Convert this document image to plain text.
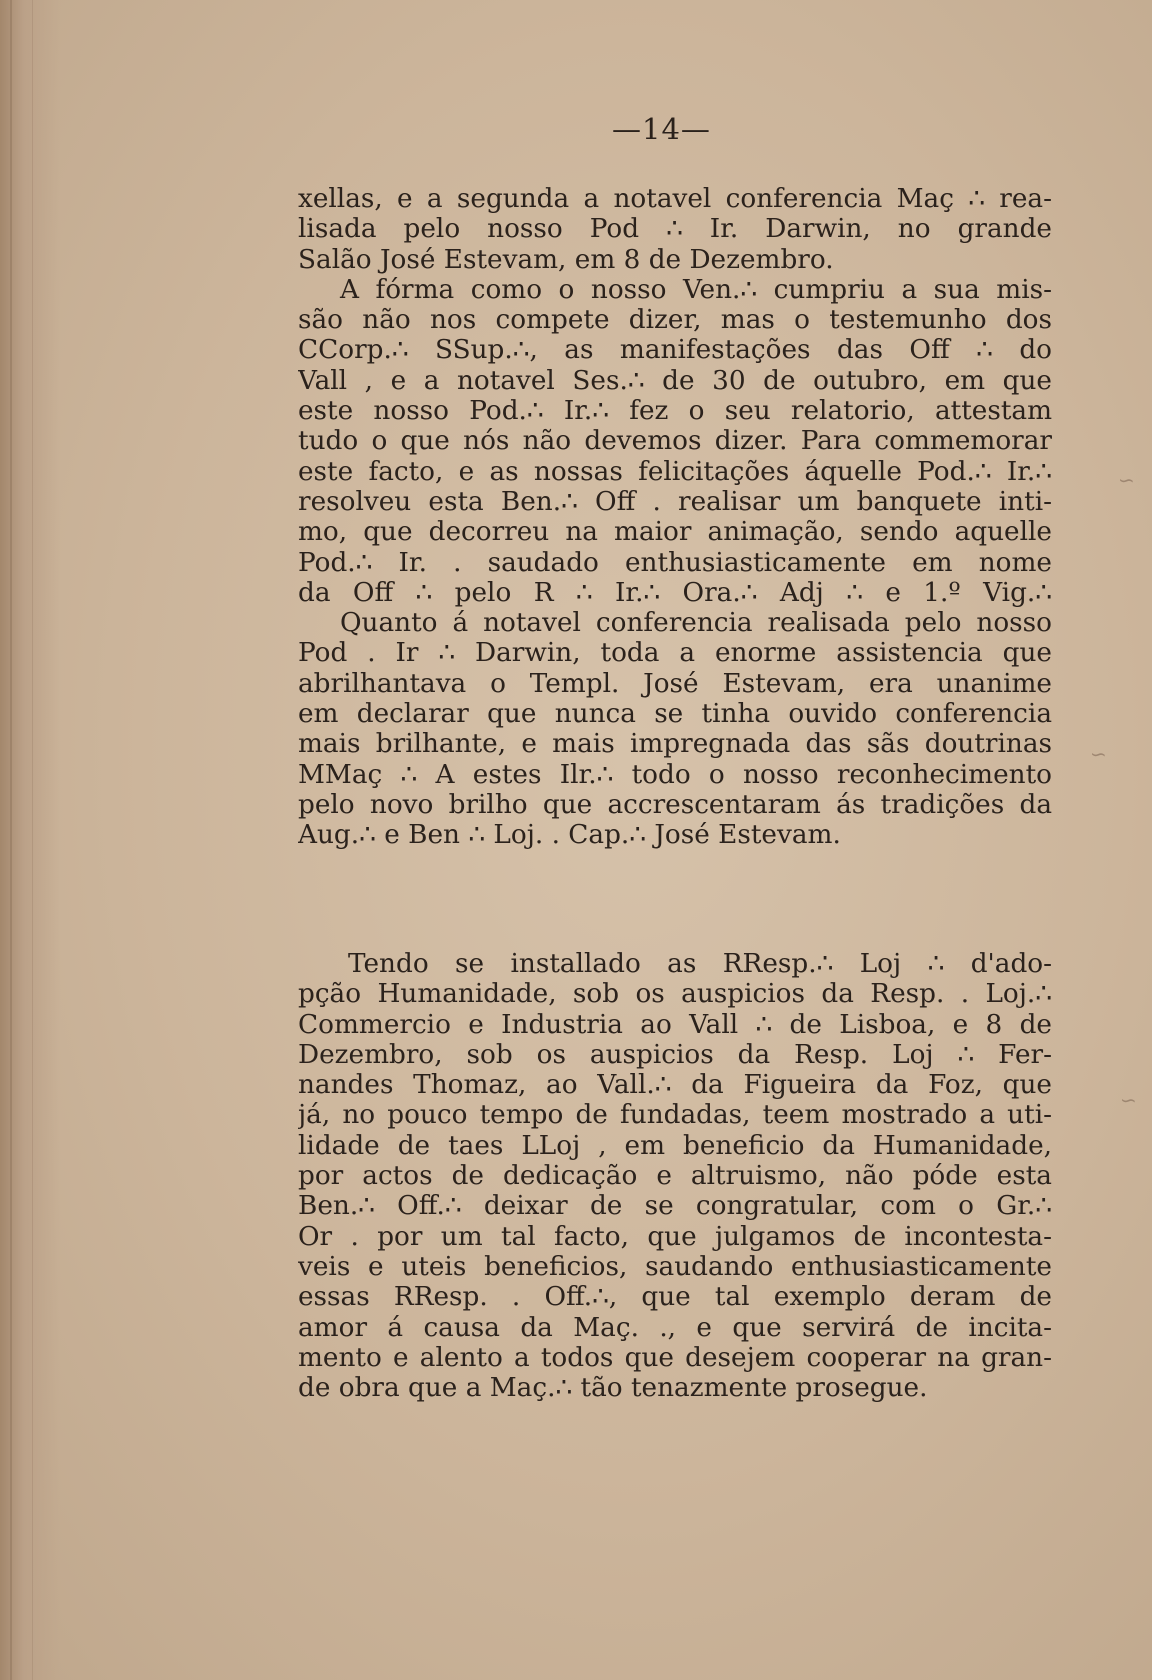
—14—
xellas, e a segunda a notavel conferencia Maç ∴ rea-
lisada pelo nosso Pod ∴ Ir. Darwin, no grande
Salão José Estevam, em 8 de Dezembro.
A fórma como o nosso Ven.∴ cumpriu a sua mis-
são não nos compete dizer, mas o testemunho dos
CCorp.∴ SSup.∴, as manifestações das Off ∴ do
Vall , e a notavel Ses.∴ de 30 de outubro, em que
este nosso Pod.∴ Ir.∴ fez o seu relatorio, attestam
tudo o que nós não devemos dizer. Para commemorar
este facto, e as nossas felicitações áquelle Pod.∴ Ir.∴
resolveu esta Ben.∴ Off . realisar um banquete inti-
mo, que decorreu na maior animação, sendo aquelle
Pod.∴ Ir. . saudado enthusiasticamente em nome
da Off ∴ pelo R ∴ Ir.∴ Ora.∴ Adj ∴ e 1.º Vig.∴
Quanto á notavel conferencia realisada pelo nosso
Pod . Ir ∴ Darwin, toda a enorme assistencia que
abrilhantava o Templ. José Estevam, era unanime
em declarar que nunca se tinha ouvido conferencia
mais brilhante, e mais impregnada das sãs doutrinas
MMaç ∴ A estes Ilr.∴ todo o nosso reconhecimento
pelo novo brilho que accrescentaram ás tradições da
Aug.∴ e Ben ∴ Loj. . Cap.∴ José Estevam.
Tendo se installado as RResp.∴ Loj ∴ d'ado-
pção Humanidade, sob os auspicios da Resp. . Loj.∴
Commercio e Industria ao Vall ∴ de Lisboa, e 8 de
Dezembro, sob os auspicios da Resp. Loj ∴ Fer-
nandes Thomaz, ao Vall.∴ da Figueira da Foz, que
já, no pouco tempo de fundadas, teem mostrado a uti-
lidade de taes LLoj , em beneficio da Humanidade,
por actos de dedicação e altruismo, não póde esta
Ben.∴ Off.∴ deixar de se congratular, com o Gr.∴
Or . por um tal facto, que julgamos de incontesta-
veis e uteis beneficios, saudando enthusiasticamente
essas RResp. . Off.∴, que tal exemplo deram de
amor á causa da Maç. ., e que servirá de incita-
mento e alento a todos que desejem cooperar na gran-
de obra que a Maç.∴ tão tenazmente prosegue.
∽
∽
∽
